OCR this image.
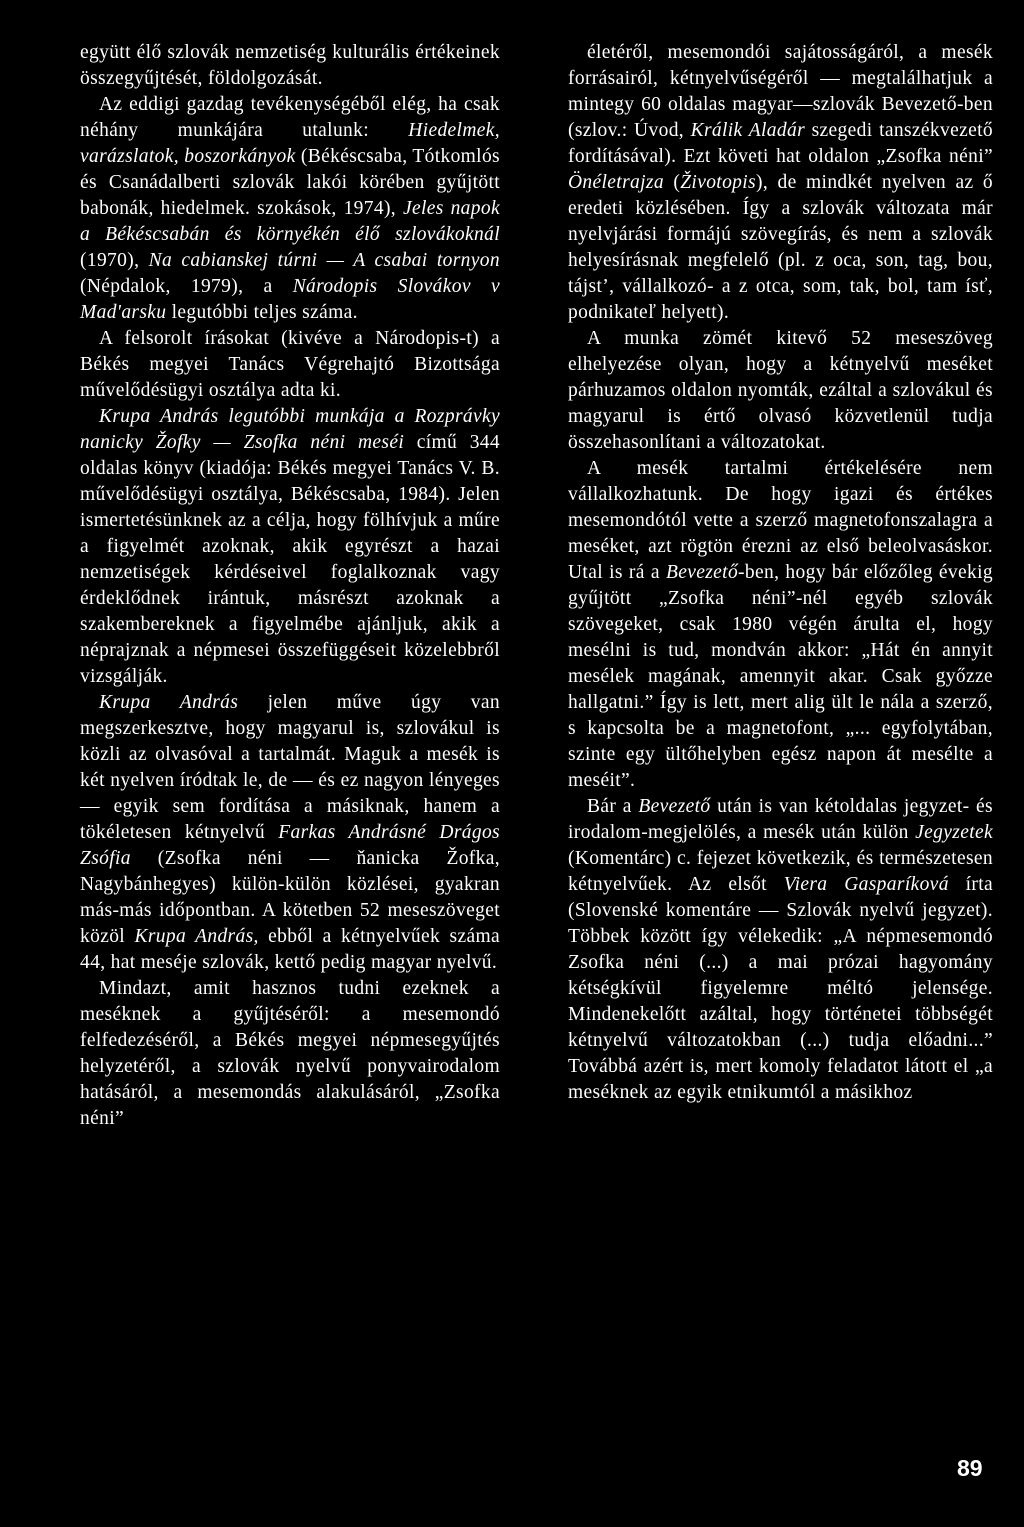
együtt élő szlovák nemzetiség kulturális értékeinek összegyűjtését, földolgozását.

Az eddigi gazdag tevékenységéből elég, ha csak néhány munkájára utalunk: Hiedelmek, varázslatok, boszorkányok (Békéscsaba, Tótkomlós és Csanádalberti szlovák lakói körében gyűjtött babonák, hiedelmek. szokások, 1974), Jeles napok a Békéscsabán és környékén élő szlovákoknál (1970), Na cabianskej túrni — A csabai tornyon (Népdalok, 1979), a Národopis Slovákov v Mad'arsku legutóbbi teljes száma.

A felsorolt írásokat (kivéve a Národopis-t) a Békés megyei Tanács Végrehajtó Bizottsága művelődésügyi osztálya adta ki.

Krupa András legutóbbi munkája a Rozprávky nanicky Žofky — Zsofka néni meséi című 344 oldalas könyv (kiadója: Békés megyei Tanács V. B. művelődésügyi osztálya, Békéscsaba, 1984). Jelen ismertetésünknek az a célja, hogy fölhívjuk a műre a figyelmét azoknak, akik egyrészt a hazai nemzetiségek kérdéseivel foglalkoznak vagy érdeklődnek irántuk, másrészt azoknak a szakembereknek a figyelmébe ajánljuk, akik a néprajznak a népmesei összefüggéseit közelebbről vizsgálják.

Krupa András jelen műve úgy van megszerkesztve, hogy magyarul is, szlovákul is közli az olvasóval a tartalmát. Maguk a mesék is két nyelven íródtak le, de — és ez nagyon lényeges — egyik sem fordítása a másiknak, hanem a tökéletesen kétnyelvű Farkas Andrásné Drágos Zsófia (Zsofka néni — ňanicka Žofka, Nagybánhegyes) külön-külön közlései, gyakran más-más időpontban. A kötetben 52 meseszöveget közöl Krupa András, ebből a kétnyelvűek száma 44, hat meséje szlovák, kettő pedig magyar nyelvű.

Mindazt, amit hasznos tudni ezeknek a meséknek a gyűjtéséről: a mesemondó felfedezéséről, a Békés megyei népmesegyűjtés helyzetéről, a szlovák nyelvű ponyvairodalom hatásáról, a mesemondás alakulásáról, „Zsofka néni”

életéről, mesemondói sajátosságáról, a mesék forrásairól, kétnyelvűségéről — megtalálhatjuk a mintegy 60 oldalas magyar—szlovák Bevezető-ben (szlov.: Úvod, Králik Aladár szegedi tanszékvezető fordításával). Ezt követi hat oldalon „Zsofka néni” Önéletrajza (Životopis), de mindkét nyelven az ő eredeti közlésében. Így a szlovák változata már nyelvjárási formájú szövegírás, és nem a szlovák helyesírásnak megfelelő (pl. z oca, son, tag, bou, tájst’, vállalkozó- a z otca, som, tak, bol, tam ísť, podnikateľ helyett).

A munka zömét kitevő 52 meseszöveg elhelyezése olyan, hogy a kétnyelvű meséket párhuzamos oldalon nyomták, ezáltal a szlovákul és magyarul is értő olvasó közvetlenül tudja összehasonlítani a változatokat.

A mesék tartalmi értékelésére nem vállalkozhatunk. De hogy igazi és értékes mesemondótól vette a szerző magnetofonszalagra a meséket, azt rögtön érezni az első beleolvasáskor. Utal is rá a Bevezető-ben, hogy bár előzőleg évekig gyűjtött „Zsofka néni”-nél egyéb szlovák szövegeket, csak 1980 végén árulta el, hogy mesélni is tud, mondván akkor: „Hát én annyit mesélek magának, amennyit akar. Csak győzze hallgatni.” Így is lett, mert alig ült le nála a szerző, s kapcsolta be a magnetofont, „... egyfolytában, szinte egy ültőhelyben egész napon át mesélte a meséit”.

Bár a Bevezető után is van kétoldalas jegyzet- és irodalom-megjelölés, a mesék után külön Jegyzetek (Komentárc) c. fejezet következik, és természetesen kétnyelvűek. Az elsőt Viera Gasparíková írta (Slovenské komentáre — Szlovák nyelvű jegyzet). Többek között így vélekedik: „A népmesemondó Zsofka néni (...) a mai prózai hagyomány kétségkívül figyelemre méltó jelensége. Mindenekelőtt azáltal, hogy történetei többségét kétnyelvű változatokban (...) tudja előadni...” Továbbá azért is, mert komoly feladatot látott el „a meséknek az egyik etnikumtól a másikhoz

89
